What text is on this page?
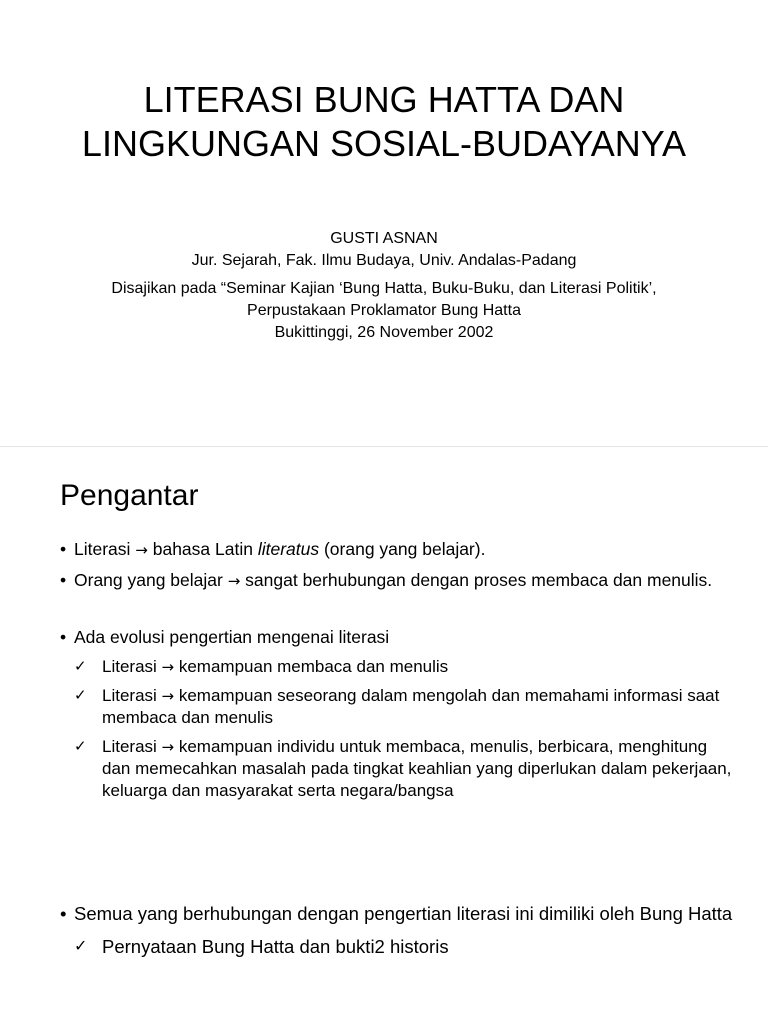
LITERASI BUNG HATTA DAN
LINGKUNGAN SOSIAL-BUDAYANYA
GUSTI ASNAN
Jur. Sejarah, Fak. Ilmu Budaya, Univ. Andalas-Padang
Disajikan pada “Seminar Kajian ‘Bung Hatta, Buku-Buku, dan Literasi Politik’,
Perpustakaan Proklamator Bung Hatta
Bukittinggi, 26 November 2002
Pengantar
• Literasi → bahasa Latin literatus (orang yang belajar).
• Orang yang belajar → sangat berhubungan dengan proses membaca dan menulis.
• Ada evolusi pengertian mengenai literasi
✓ Literasi → kemampuan membaca dan menulis
✓ Literasi → kemampuan seseorang dalam mengolah dan memahami informasi saat membaca dan menulis
✓ Literasi → kemampuan individu untuk membaca, menulis, berbicara, menghitung dan memecahkan masalah pada tingkat keahlian yang diperlukan dalam pekerjaan, keluarga dan masyarakat serta negara/bangsa
• Semua yang berhubungan dengan pengertian literasi ini dimiliki oleh Bung Hatta
✓ Pernyataan Bung Hatta dan bukti2 historis
